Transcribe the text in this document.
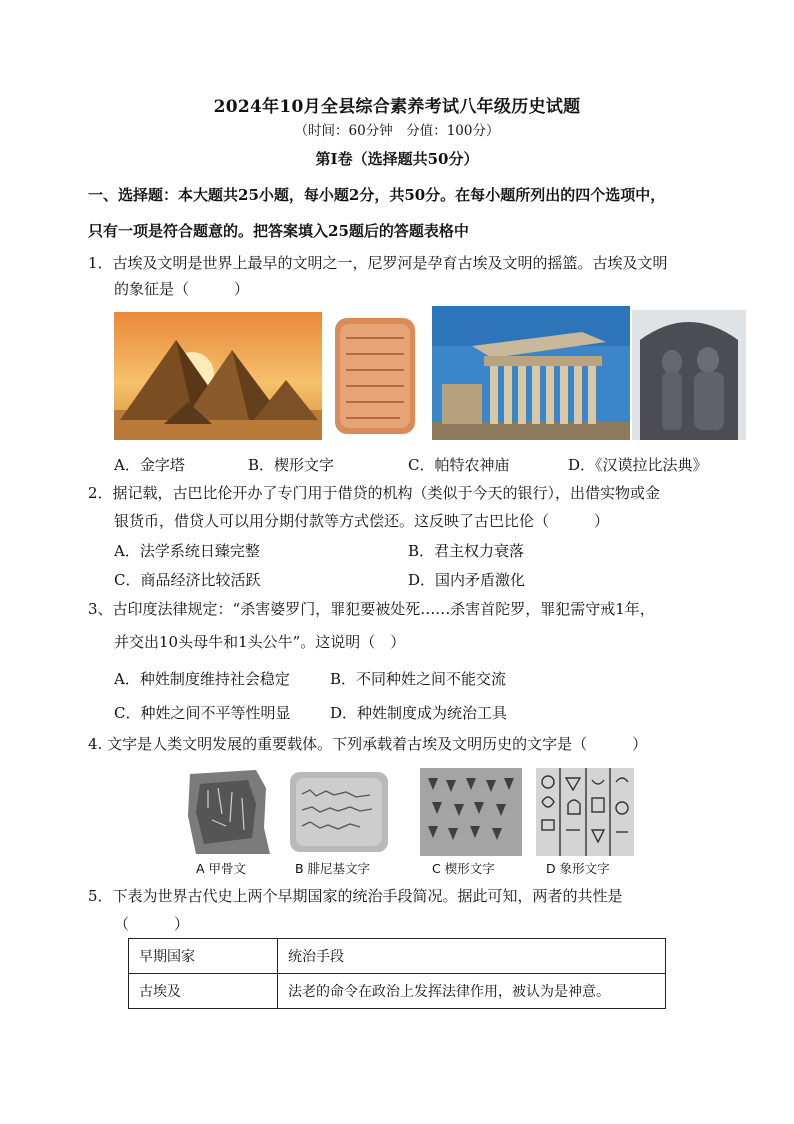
2024年10月全县综合素养考试八年级历史试题
（时间：60分钟　分值：100分）
第Ⅰ卷（选择题共50分）
一、选择题：本大题共25小题，每小题2分，共50分。在每小题所列出的四个选项中，
只有一项是符合题意的。把答案填入25题后的答题表格中
1．古埃及文明是世界上最早的文明之一，尼罗河是孕育古埃及文明的摇篮。古埃及文明
的象征是（　　　）
A．金字塔	B．楔形文字	C．帕特农神庙	D．《汉谟拉比法典》
2．据记载，古巴比伦开办了专门用于借贷的机构（类似于今天的银行），出借实物或金
银货币，借贷人可以用分期付款等方式偿还。这反映了古巴比伦（　　　）
A．法学系统日臻完整	B．君主权力衰落
C．商品经济比较活跃	D．国内矛盾激化
3、古印度法律规定：“杀害婆罗门，罪犯要被处死……杀害首陀罗，罪犯需守戒1年，
并交出10头母牛和1头公牛”。这说明（　）
A．种姓制度维持社会稳定	B．不同种姓之间不能交流
C．种姓之间不平等性明显	D．种姓制度成为统治工具
4. 文字是人类文明发展的重要载体。下列承载着古埃及文明历史的文字是（　　　）
A 甲骨文	B 腓尼基文字	C 楔形文字	D 象形文字
5．下表为世界古代史上两个早期国家的统治手段简况。据此可知，两者的共性是
（　　　）
早期国家	统治手段
古埃及	法老的命令在政治上发挥法律作用，被认为是神意。
